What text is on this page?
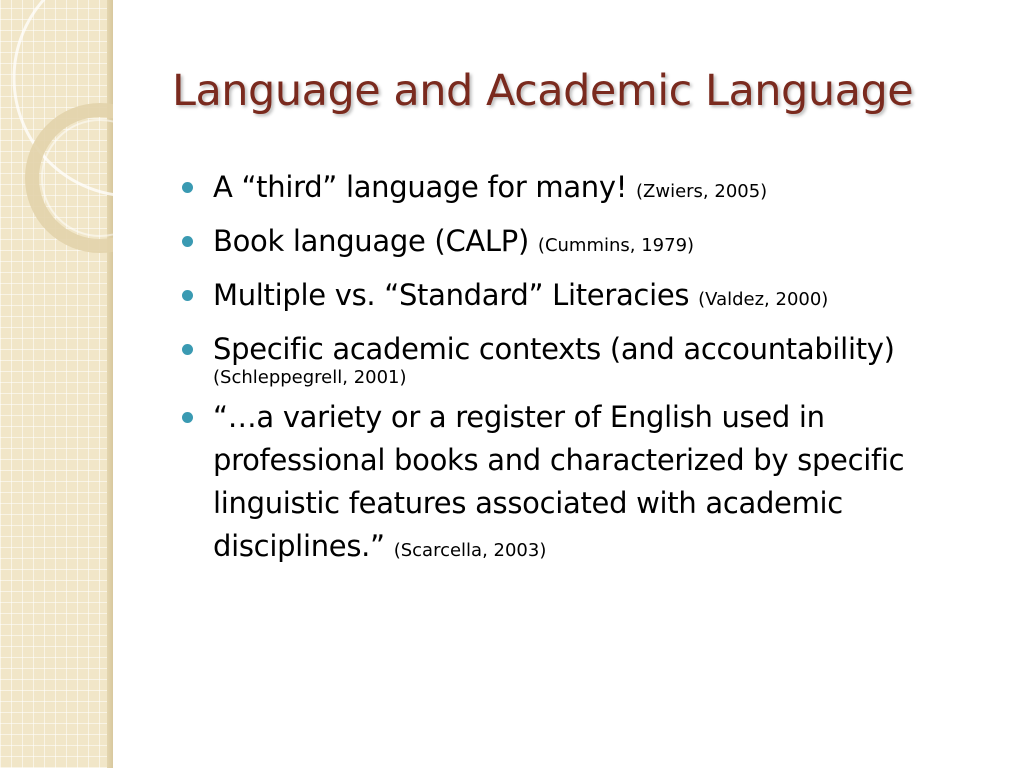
Language and Academic Language
A “third” language for many! (Zwiers, 2005)
Book language (CALP) (Cummins, 1979)
Multiple vs. “Standard” Literacies (Valdez, 2000)
Specific academic contexts (and accountability)
(Schleppegrell, 2001)
“…a variety or a register of English used in
professional books and characterized by specific
linguistic features associated with academic
disciplines.” (Scarcella, 2003)
